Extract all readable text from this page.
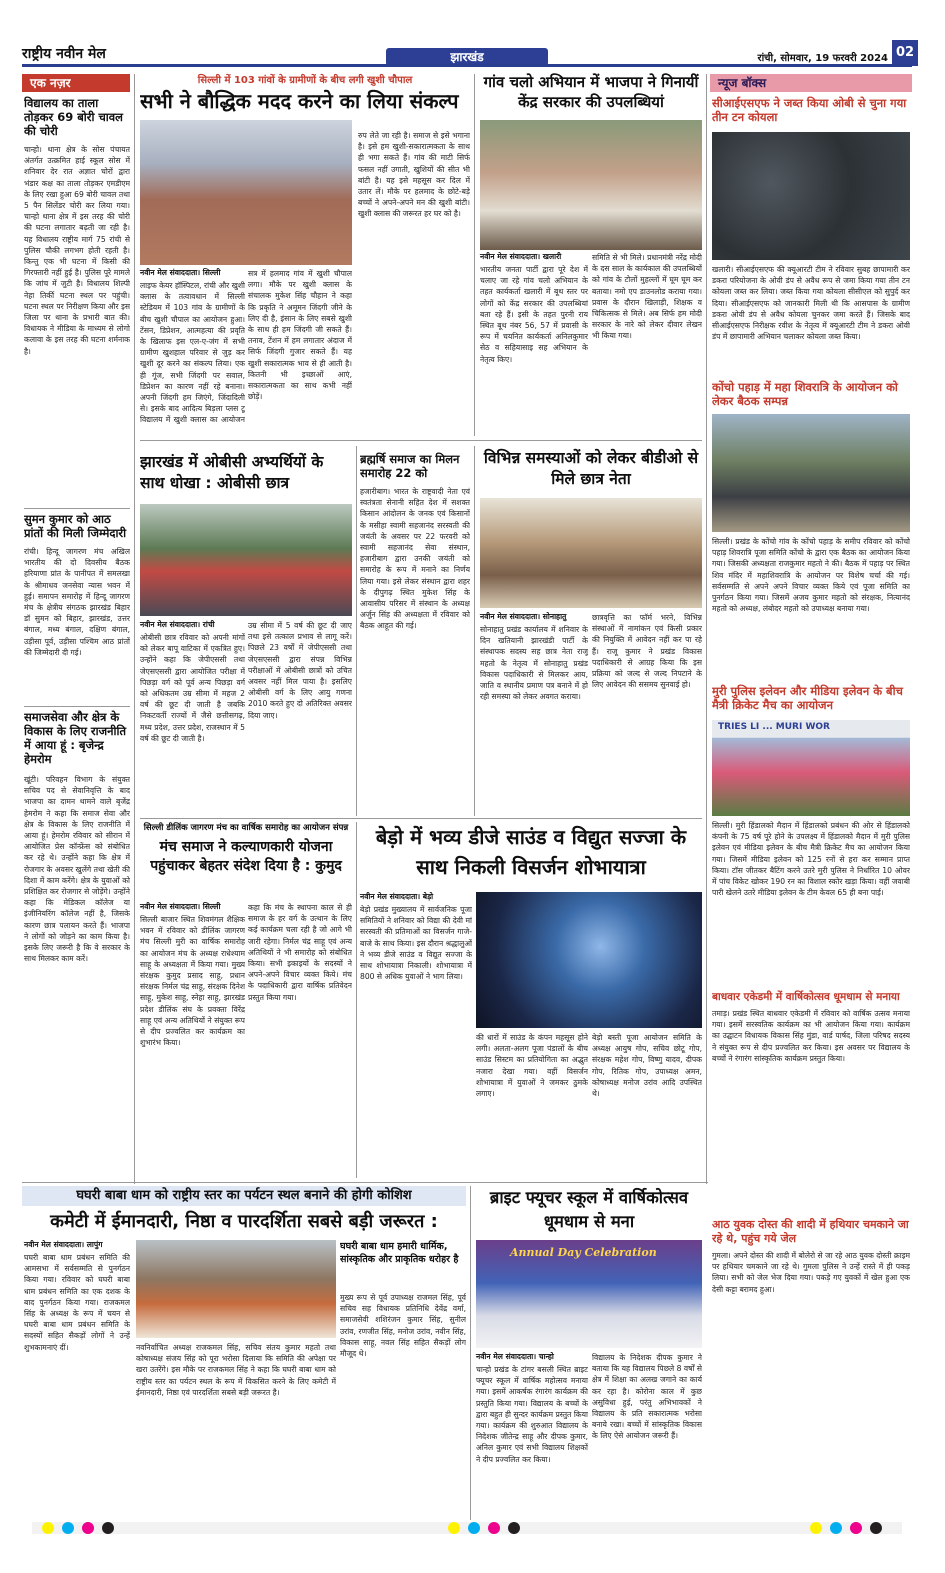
राष्ट्रीय नवीन मेल	झारखंड	रांची, सोमवार, 19 फरवरी 2024 02
एक नज़र
विद्यालय का ताला तोड़कर 69 बोरी चावल की चोरी
चान्हो। थाना क्षेत्र के सोस पंचायत अंतर्गत उत्क्रमित हाई स्कूल सोस में शनिवार देर रात अज्ञात चोरों द्वारा भंडार कक्ष का ताला तोड़कर एमडीएम के लिए रखा हुआ 69 बोरी चावल तथा 5 पैन सिलेंडर चोरी कर लिया गया। चान्हो थाना क्षेत्र में इस तरह की चोरी की घटना लगातार बढ़ती जा रही है। यह विधालय राष्ट्रीय मार्ग 75 रांची से पुलिस चौकी लगभग होती रहती है। किन्तु एक भी घटना में किसी की गिरफ्तारी नहीं हुई है। पुलिस पूरे मामले कि जांच में जुटी है। विधालय शिल्पी नेहा तिर्की घटना स्थल पर पहुंची। घटना स्थल पर निरीक्षण किया और इस जिला पर थाना के प्रभारी बात की। विधायक ने मीडिया के माध्यम से लोगो कलावा के इस तरह की घटना शर्मनाक है।
सुमन कुमार को आठ प्रांतों की मिली जिम्मेदारी
रांची। हिन्दू जागरण मंच अखिल भारतीय की दो दिवसीय बैठक हरियाणा प्रांत के पानीपत में समलखा के श्रीमाधव जनसेवा न्यास भवन में हुई। समापन समारोह में हिन्दू जागरण मंच के क्षेत्रीय संगठक झारखंड बिहार डॉ सुमन को बिहार, झारखंड, उत्तर बंगाल, मध्य बंगाल, दक्षिण बंगाल, उड़ीसा पूर्व, उड़ीसा पश्चिम आठ प्रांतों की जिम्मेदारी दी गई।
समाजसेवा और क्षेत्र के विकास के लिए राजनीति में आया हूं : बृजेन्द्र हेमरोम
खूंटी। परिवहन विभाग के संयुक्त सचिव पद से सेवानिवृत्ति के बाद भाजपा का दामन थामने वाले बृजेंद्र हेमरोम ने कहा कि समाज सेवा और क्षेत्र के विकास के लिए राजनीति में आया हूं। हेमरोम रविवार को सीरान में आयोजित प्रेस कॉन्फ्रेंस को संबोधित कर रहे थे। उन्होंने कहा कि क्षेत्र में रोजगार के अवसर खुलेंगे तथा खेती की दिशा में काम करेंगे। क्षेत्र के युवाओं को प्रशिक्षित कर रोजगार से जोड़ेंगे। उन्होंने कहा कि मेडिकल कॉलेज या इंजीनियरिंग कॉलेज नहीं है, जिसके कारण छात्र पलायन करते हैं। भाजपा ने लोगों को जोड़ने का काम किया है। इसके लिए जरूरी है कि वे सरकार के साथ मिलकर काम करें।
सिल्ली में 103 गांवों के ग्रामीणों के बीच लगी खुशी चौपाल
सभी ने बौद्धिक मदद करने का लिया संकल्प
नवीन मेल संवाददाता। सिल्ली
लाइफ केयर हॉस्पिटल, रांची और खुशी क्लास के तत्वावधान में सिल्ली स्टेडियम में 103 गांव के ग्रामीणों के बीच खुशी चौपाल का आयोजन हुआ। टेंसन, डिप्रेशन, आत्महत्या की प्रवृति के खिलाफ इस एल-ए-जंग में सभी ग्रामीण खुशहाल परिवार से जुड़ कर खुशी दूर करने का संकल्प लिया। एक ही गूंज, सभी जिंदगी पर सवाल, डिप्रेशन का कारण नहीं रहे बनाना। अपनी जिंदगी हम जिएंगे, जिंदादिली से। इसके बाद आदित्य बिड़ला प्लस टू विद्यालय में खुशी क्लास का आयोजन
सत्र में हलमाद गांव में खुशी चौपाल लगा। मौके पर खुशी क्लास के संचालक मुकेश सिंह चौहान ने कहा कि प्रकृति ने अमूमन जिंदगी जीने के लिए दी है, इंसान के लिए सबसे खुशी के साथ ही हम जिंदगी जी सकते हैं। तनाव, टेंशन में हम लगातार अंदाज में सिर्फ जिंदगी गुजार सकते हैं। यह खुशी सकारात्मक भाव से ही आती है। कितनी भी इच्छाओं आएं, सकारात्मकता का साथ कभी नहीं छोड़ें।
रुप लेते जा रही है। समाज से इसे भगाना है। इसे हम खुशी-सकारात्मकता के साथ ही भगा सकते हैं। गांव की माटी सिर्फ फसल नहीं उगाती, खुशियों की सीत भी बांटी है। यह इसे महसूस कर दिल में उतार लें। मौके पर हलमाद के छोटे-बड़े बच्चों ने अपने-अपने मन की खुशी बांटी। खुशी क्लास की जरूरत हर घर को है।
गांव चलो अभियान में भाजपा ने गिनायीं केंद्र सरकार की उपलब्धियां
नवीन मेल संवाददाता। खलारी
भारतीय जनता पार्टी द्वारा पूरे देश में चलाए जा रहे गांव चलो अभियान के तहत कार्यकर्ता खलारी में बूथ स्तर पर लोगों को केंद्र सरकार की उपलब्धियां बता रहे हैं। इसी के तहत पुरनी राय स्थित बूथ नंबर 56, 57 में प्रवासी के रूप में चयनित कार्यकर्ता अनिलकुमार सेठ व सहियासाइ सह अभियान के नेतृत्व किए।
समिति से भी मिले। प्रधानमंत्री नरेंद्र मोदी के दस साल के कार्यकाल की उपलब्धियों को गांव के टोलों मुहल्लों में घूम घूम कर बताया। नमो एप डाउनलोड कराया गया। प्रवास के दौरान खिलाड़ी, शिक्षक व चिकित्सक से मिले। अब सिर्फ हम मोदी सरकार के नारे को लेकर दीवार लेखन भी किया गया।
न्यूज बॉक्स
सीआईएसएफ ने जब्त किया ओबी से चुना गया तीन टन कोयला
खलारी। सीआईएसएफ की क्यूआरटी टीम ने रविवार सुबह छापामारी कर डकरा परियोजना के ओवी डंप से अवैध रूप से जमा किया गया तीन टन कोयला जब्त कर लिया। जब्त किया गया कोयला सीसीएल को सुपुर्द कर दिया। सीआईएसएफ को जानकारी मिली थी कि आसपास के ग्रामीण डकरा ओवी डंप से अवैध कोयला चुनकर जमा करते हैं। जिसके बाद सीआईएसएफ निरीक्षक रवीश के नेतृत्व में क्यूआरटी टीम ने डकरा ओवी डंप में छापामारी अभियान चलाकर कोयला जब्त किया।
कोंचो पहाड़ में महा शिवरात्रि के आयोजन को लेकर बैठक सम्पन्न
सिल्ली। प्रखंड के कोंचो गांव के कोंचो पहाड़ के समीप रविवार को कोंचो पहाड़ शिवरात्रि पूजा समिति कोंचो के द्वारा एक बैठक का आयोजन किया गया। जिसकी अध्यक्षता राजकुमार महतो ने की। बैठक में पहाड़ पर स्थित शिव मंदिर में महाशिवरात्रि के आयोजन पर विशेष चर्चा की गई। सर्वसम्मति से अपने अपने विचार व्यक्त किये एवं पूजा समिति का पुनर्गठन किया गया। जिसमें अजय कुमार महतो को संरक्षक, नित्यानंद महतो को अध्यक्ष, लंबोदर महतो को उपाध्यक्ष बनाया गया।
मुरी पुलिस इलेवन और मीडिया इलेवन के बीच मैत्री क्रिकेट मैच का आयोजन
TRIES LI ... MURI WOR
सिल्ली। मुरी हिंडालको मैदान में हिंडालको प्रबंधन की ओर से हिंडालको कंपनी के 75 वर्ष पूरे होने के उपलक्ष्य में हिंडालको मैदान में मुरी पुलिस इलेवन एवं मीडिया इलेवन के बीच मैत्री क्रिकेट मैच का आयोजन किया गया। जिसमें मीडिया इलेवन को 125 रनों से हरा कर सम्मान प्राप्त किया। टॉस जीतकर बैटिंग करने उतरे मुरी पुलिस ने निर्धारित 10 ओवर में पांच विकेट खोकर 190 रन का विशाल स्कोर खड़ा किया। वहीं जवाबी पारी खेलने उतरे मीडिया इलेवन के टीम केवल 65 ही बना पाई।
बाधवार एकेडमी में वार्षिकोत्सव धूमधाम से मनाया
तमाड़। प्रखंड स्थित बाधवार एकेडमी में रविवार को वार्षिक उत्सव मनाया गया। इसमें सरस्वतिक कार्यक्रम का भी आयोजन किया गया। कार्यक्रम का उद्घाटन विधायक विकास सिंह मुंडा, वार्ड पार्षद, जिला परिषद सदस्य ने संयुक्त रूप से दीप प्रज्वलित कर किया। इस अवसर पर विद्यालय के बच्चों ने रंगारंग सांस्कृतिक कार्यक्रम प्रस्तुत किया।
आठ युवक दोस्त की शादी में हथियार चमकाने जा रहे थे, पहुंच गये जेल
गुमला। अपने दोस्त की शादी में बोलेरो से जा रहे आठ युवक दोस्ती क्राइम पर हथियार चमकाने जा रहे थे। गुमला पुलिस ने उन्हें रास्ते में ही पकड़ लिया। सभी को जेल भेज दिया गया। पकड़े गए युवकों में खेल हुआ एक देसी कट्टा बरामद हुआ।
झारखंड में ओबीसी अभ्यर्थियों के साथ धोखा : ओबीसी छात्र
नवीन मेल संवाददाता। रांची
ओबीसी छात्र रविवार को अपनी मांगों को लेकर बापू वाटिका में एकत्रित हुए। उन्होंने कहा कि जेपीएससी तथा जेएसएससी द्वारा आयोजित परीक्षा में पिछड़ा वर्ग को पूर्व अन्य पिछड़ा वर्ग को अधिकतम उम्र सीमा में महज 2 वर्ष की छूट दी जाती है जबकि निकटवर्ती राज्यों में जैसे छत्तीसगढ़, मध्य प्रदेश, उत्तर प्रदेश, राजस्थान में 5 वर्ष की छूट दी जाती है।
उम्र सीमा में 5 वर्ष की छूट दी जाए तथा इसे तत्काल प्रभाव से लागू करें। पिछले 23 वर्षों में जेपीएससी तथा जेएसएससी द्वारा संपन्न विभिन्न परीक्षाओं में ओबीसी छात्रों को उचित अवसर नहीं मिल पाया है। इसलिए ओबीसी वर्ग के लिए आयु गणना 2010 करते हुए दो अतिरिक्त अवसर दिया जाए।
ब्रह्मर्षि समाज का मिलन समारोह 22 को
हजारीबाग। भारत के राष्ट्रवादी नेता एवं स्वतंत्रता सेनानी सहित देश में सशक्त किसान आंदोलन के जनक एवं किसानों के मसीहा स्वामी सहजानंद सरस्वती की जयंती के अवसर पर 22 फरवरी को स्वामी सहजानंद सेवा संस्थान, हजारीबाग द्वारा उनकी जयंती को समारोह के रूप में मनाने का निर्णय लिया गया। इसे लेकर संस्थान द्वारा शहर के दीपुगढ़ स्थित मुकेश सिंह के आवासीय परिसर में संस्थान के अध्यक्ष अर्जुन सिंह की अध्यक्षता में रविवार को बैठक आहूत की गई।
विभिन्न समस्याओं को लेकर बीडीओ से मिले छात्र नेता
नवीन मेल संवाददाता। सोनाहातु
सोनाहातु प्रखंड कार्यालय में शनिवार के दिन खतियानी झारखंडी पार्टी के संस्थापक सदस्य सह छात्र नेता राजू महतो के नेतृत्व में सोनाहातु प्रखंड विकास पदाधिकारी से मिलकर आय, जाति व स्थानीय प्रमाण पत्र बनाने में हो रही समस्या को लेकर अवगत कराया।
छात्रवृत्ति का फॉर्म भरने, विभिन्न संस्थाओं में नामांकन एवं किसी प्रकार की नियुक्ति में आवेदन नहीं कर पा रहे हैं। राजू कुमार ने प्रखंड विकास पदाधिकारी से आग्रह किया कि इस प्रक्रिया को जल्द से जल्द निपटाने के लिए आवेदन की ससमय सुनवाई हो।
सिल्ली डीलिंक जागरण मंच का वार्षिक समारोह का आयोजन संपन्न
मंच समाज ने कल्याणकारी योजना पहुंचाकर बेहतर संदेश दिया है : कुमुद
नवीन मेल संवाददाता। सिल्ली
सिल्ली बाजार स्थित शिवमंगल शैक्षिक भवन में रविवार को डीलिंक जागरण मंच सिल्ली मुरी का वार्षिक समारोह का आयोजन मंच के अध्यक्ष राधेश्याम साहू के अध्यक्षता में किया गया। मुख्य संरक्षक कुमुद प्रसाद साहू, प्रधान संरक्षक निर्मल चंद्र साहू, संरक्षक दिनेश साहू, मुकेश साहू, स्नेहा साहू, झारखंड प्रदेश डीलिंक संघ के प्रवक्ता विरेंद्र साहू एवं अन्य अतिथियों ने संयुक्त रूप से दीप प्रज्वलित कर कार्यक्रम का शुभारंभ किया।
कहा कि मंच के स्थापना काल से ही समाज के हर वर्ग के उत्थान के लिए कई कार्यक्रम चला रही है जो आगे भी जारी रहेगा। निर्मल चंद्र साहू एवं अन्य अतिथियों ने भी समारोह को संबोधित किया। सभी इकाइयों के सदस्यों ने अपने-अपने विचार व्यक्त किये। मंच के पदाधिकारी द्वारा वार्षिक प्रतिवेदन प्रस्तुत किया गया।
बेड़ो में भव्य डीजे साउंड व विद्युत सज्जा के साथ निकली विसर्जन शोभायात्रा
नवीन मेल संवाददाता। बेड़ो
बेड़ो प्रखंड मुख्यालय में सार्वजनिक पूजा समितियों ने शनिवार को विद्या की देवी मां सरस्वती की प्रतिमाओं का विसर्जन गाजे-बाजे के साथ किया। इस दौरान श्रद्धालुओं ने भव्य डीजे साउंड व विद्युत सज्जा के साथ शोभायात्रा निकाली। शोभायात्रा में 800 से अधिक युवाओं ने भाग लिया।
की धारों में साउंड के कंपन महसूस होने लगी। अलता-अलग पूजा पंडालों के बीच साउंड सिस्टम का प्रतियोगिता का अद्भुत नजारा देखा गया। वहीं विसर्जन शोभायात्रा में युवाओं ने जमकर ठुमके लगाए।
बेड़ो बस्ती पूजा आयोजन समिति के अध्यक्ष आयुष गोप, सचिव छोटू गोप, संरक्षक महेश गोप, विष्णु यादव, दीपक गोप, रितिक गोप, उपाध्यक्ष अमन, कोषाध्यक्ष मनोज उरांव आदि उपस्थित थे।
घघरी बाबा धाम को राष्ट्रीय स्तर का पर्यटन स्थल बनाने की होगी कोशिश
कमेटी में ईमानदारी, निष्ठा व पारदर्शिता सबसे बड़ी जरूरत :
नवीन मेल संवाददाता। लापुंग
घघरी बाबा धाम प्रबंधन समिति की आमसभा में सर्वसम्मति से पुनर्गठन किया गया। रविवार को घघरी बाबा धाम प्रबंधन समिति का एक दशक के बाद पुनर्गठन किया गया। राजकमल सिंह के अध्यक्ष के रूप में चयन से घघरी बाबा धाम प्रबंधन समिति के सदस्यों सहित सैकड़ों लोगों ने उन्हें शुभकामनाएं दीं।
घघरी बाबा धाम हमारी धार्मिक, सांस्कृतिक और प्राकृतिक धरोहर है
नवनिर्वाचित अध्यक्ष राजकमल सिंह, सचिव संतय कुमार महतो तथा कोषाध्यक्ष संजय सिंह को पूरा भरोसा दिलाया कि समिति की अपेक्षा पर खरा उतरेंगे। इस मौके पर राजकमल सिंह ने कहा कि घघरी बाबा धाम को राष्ट्रीय स्तर का पर्यटन स्थल के रूप में विकसित करने के लिए कमेटी में ईमानदारी, निष्ठा एवं पारदर्शिता सबसे बड़ी जरूरत है।
मुख्य रूप से पूर्व उपाध्यक्ष राजमल सिंह, पूर्व सचिव सह विधायक प्रतिनिधि देवेंद्र वर्मा, समाजसेवी शशिरंजन कुमार सिंह, सुनील उरांव, रणजीत सिंह, मनोज उरांव, नवीन सिंह, विकास साहू, नवल सिंह सहित सैकड़ों लोग मौजूद थे।
ब्राइट फ्यूचर स्कूल में वार्षिकोत्सव धूमधाम से मना
Annual Day Celebration
नवीन मेल संवाददाता। चान्हो
चान्हो प्रखंड के टांगर बसली स्थित ब्राइट फ्यूचर स्कूल में वार्षिक महोत्सव मनाया गया। इसमें आकर्षक रंगारंग कार्यक्रम की प्रस्तुति किया गया। विद्यालय के बच्चों के द्वारा बहुत ही सुन्दर कार्यक्रम प्रस्तुत किया गया। कार्यक्रम की शुरुआत विद्यालय के निदेशक जीतेन्द्र साहू और दीपक कुमार, अनिल कुमार एवं सभी विद्यालय शिक्षकों ने दीप प्रज्वलित कर किया।
विद्यालय के निदेशक दीपक कुमार ने बताया कि यह विद्यालय पिछले 8 वर्षों से क्षेत्र में शिक्षा का अलख जगाने का कार्य कर रहा है। कोरोना काल में कुछ असुविधा हुई, परंतु अभिभावकों ने विद्यालय के प्रति सकारात्मक भरोसा बनाये रखा। बच्चों में सांस्कृतिक विकास के लिए ऐसे आयोजन जरूरी हैं।
